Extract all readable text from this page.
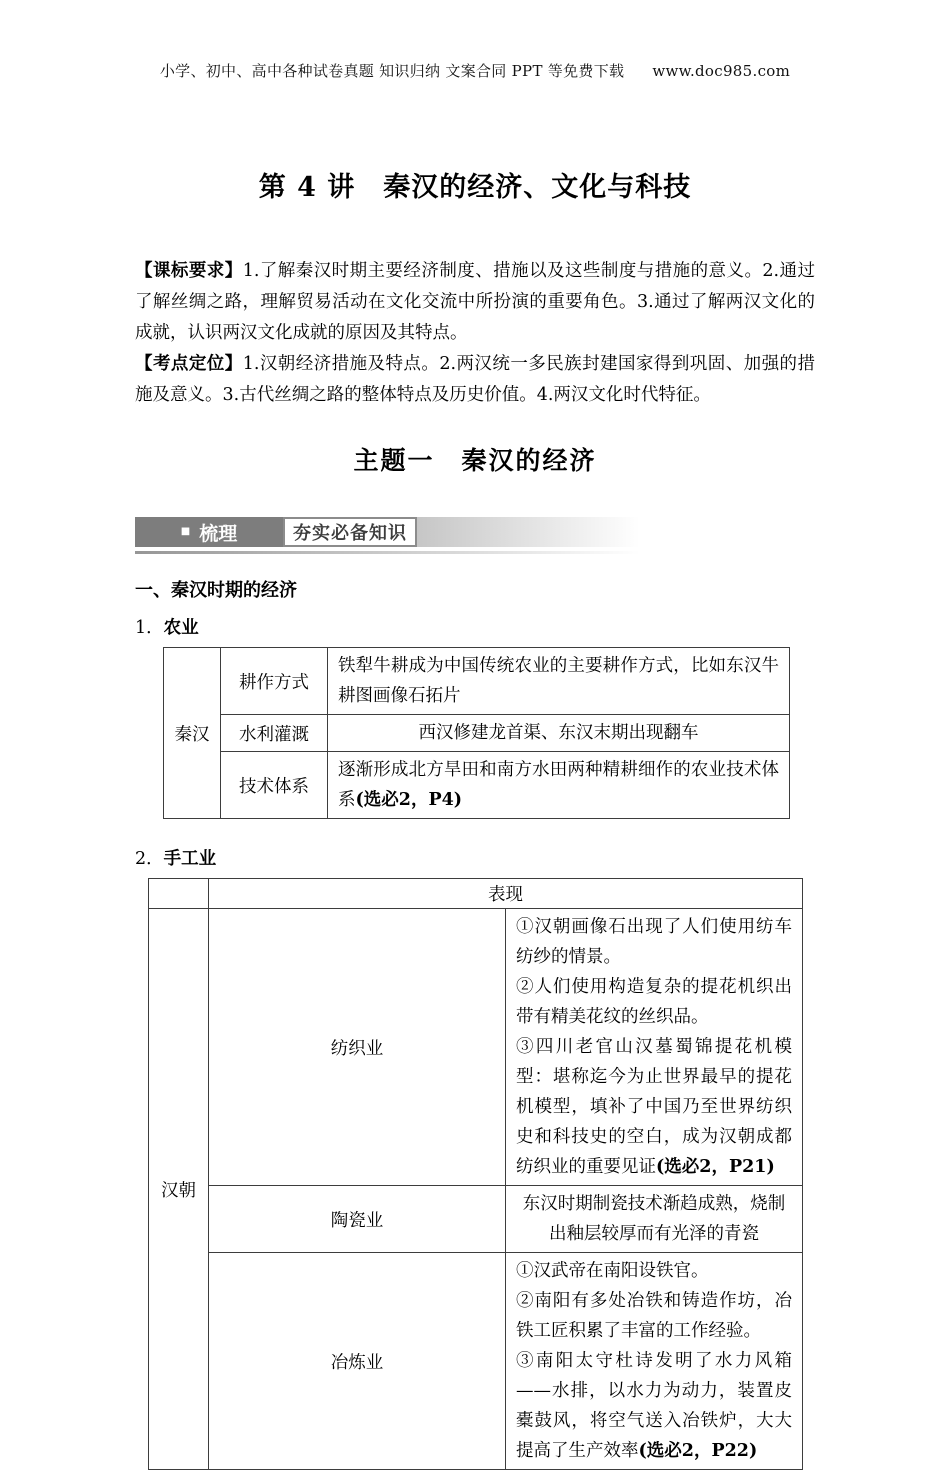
小学、初中、高中各种试卷真题 知识归纳 文案合同 PPT 等免费下载 www.doc985.com
第 4 讲　秦汉的经济、文化与科技

【课标要求】1.了解秦汉时期主要经济制度、措施以及这些制度与措施的意义。2.通过了解丝绸之路，理解贸易活动在文化交流中所扮演的重要角色。3.通过了解两汉文化的成就，认识两汉文化成就的原因及其特点。

【考点定位】1.汉朝经济措施及特点。2.两汉统一多民族封建国家得到巩固、加强的措施及意义。3.古代丝绸之路的整体特点及历史价值。4.两汉文化时代特征。

主题一　秦汉的经济
■ 梳理	夯实必备知识
一、秦汉时期的经济
1．农业
秦汉	耕作方式	铁犁牛耕成为中国传统农业的主要耕作方式，比如东汉牛耕图画像石拓片
	水利灌溉	西汉修建龙首渠、东汉末期出现翻车
	技术体系	逐渐形成北方旱田和南方水田两种精耕细作的农业技术体系(选必2，P4)
2．手工业
	表现	
汉朝	纺织业	①汉朝画像石出现了人们使用纺车纺纱的情景。
②人们使用构造复杂的提花机织出带有精美花纹的丝织品。
③四川老官山汉墓蜀锦提花机模型：堪称迄今为止世界最早的提花机模型，填补了中国乃至世界纺织史和科技史的空白，成为汉朝成都纺织业的重要见证(选必2，P21)

	陶瓷业	东汉时期制瓷技术渐趋成熟，烧制出釉层较厚而有光泽的青瓷
	冶炼业	①汉武帝在南阳设铁官。
②南阳有多处冶铁和铸造作坊，冶铁工匠积累了丰富的工作经验。
③南阳太守杜诗发明了水力风箱——水排，以水力为动力，装置皮橐鼓风，将空气送入冶铁炉，大大提高了生产效率(选必2，P22)
